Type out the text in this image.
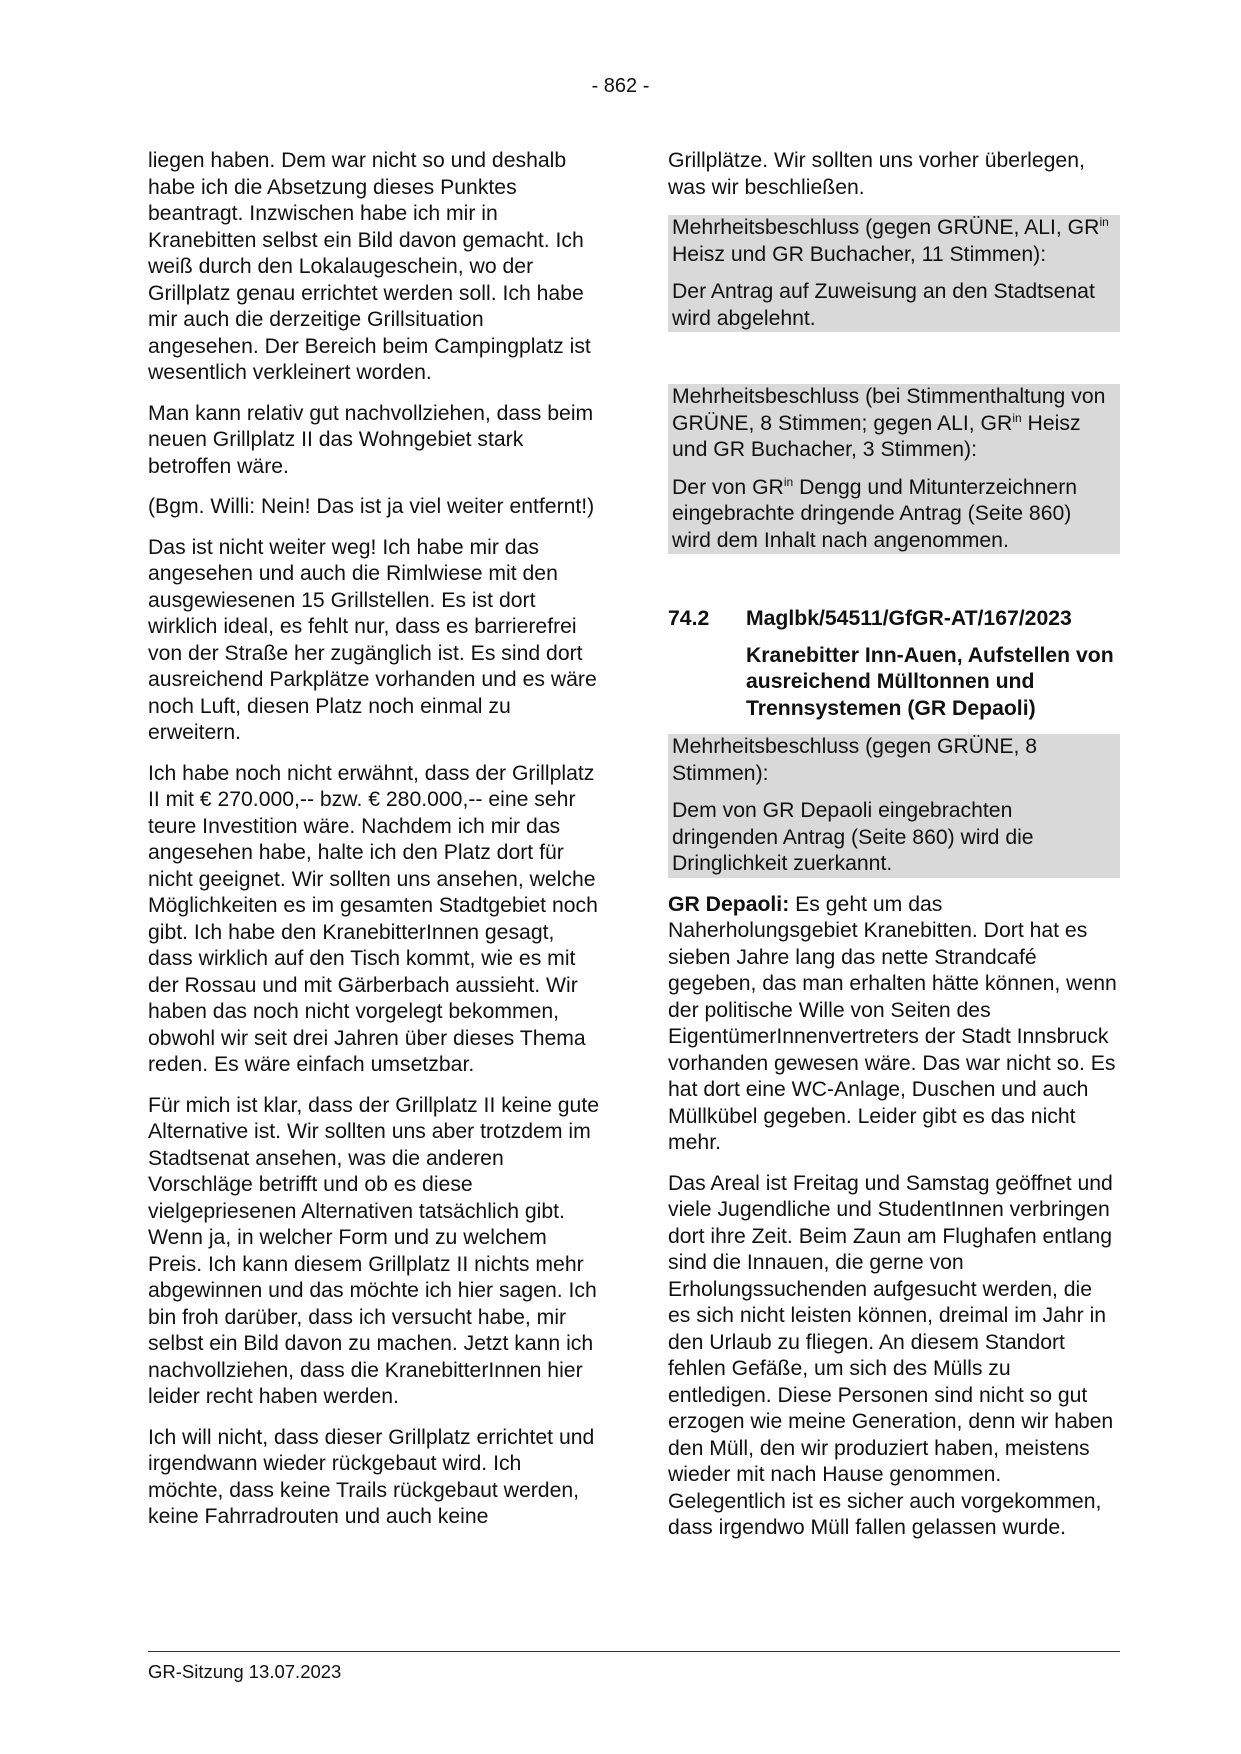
- 862 -

liegen haben. Dem war nicht so und deshalb habe ich die Absetzung dieses Punktes beantragt. Inzwischen habe ich mir in Kranebitten selbst ein Bild davon gemacht. Ich weiß durch den Lokalaugeschein, wo der Grillplatz genau errichtet werden soll. Ich habe mir auch die derzeitige Grillsituation angesehen. Der Bereich beim Campingplatz ist wesentlich verkleinert worden.

Man kann relativ gut nachvollziehen, dass beim neuen Grillplatz II das Wohngebiet stark betroffen wäre.

(Bgm. Willi: Nein! Das ist ja viel weiter entfernt!)

Das ist nicht weiter weg! Ich habe mir das angesehen und auch die Rimlwiese mit den ausgewiesenen 15 Grillstellen. Es ist dort wirklich ideal, es fehlt nur, dass es barrierefrei von der Straße her zugänglich ist. Es sind dort ausreichend Parkplätze vorhanden und es wäre noch Luft, diesen Platz noch einmal zu erweitern.

Ich habe noch nicht erwähnt, dass der Grillplatz II mit € 270.000,-- bzw. € 280.000,-- eine sehr teure Investition wäre. Nachdem ich mir das angesehen habe, halte ich den Platz dort für nicht geeignet. Wir sollten uns ansehen, welche Möglichkeiten es im gesamten Stadtgebiet noch gibt. Ich habe den KranebitterInnen gesagt, dass wirklich auf den Tisch kommt, wie es mit der Rossau und mit Gärberbach aussieht. Wir haben das noch nicht vorgelegt bekommen, obwohl wir seit drei Jahren über dieses Thema reden. Es wäre einfach umsetzbar.

Für mich ist klar, dass der Grillplatz II keine gute Alternative ist. Wir sollten uns aber trotzdem im Stadtsenat ansehen, was die anderen Vorschläge betrifft und ob es diese vielgepriesenen Alternativen tatsächlich gibt. Wenn ja, in welcher Form und zu welchem Preis. Ich kann diesem Grillplatz II nichts mehr abgewinnen und das möchte ich hier sagen. Ich bin froh darüber, dass ich versucht habe, mir selbst ein Bild davon zu machen. Jetzt kann ich nachvollziehen, dass die KranebitterInnen hier leider recht haben werden.

Ich will nicht, dass dieser Grillplatz errichtet und irgendwann wieder rückgebaut wird. Ich möchte, dass keine Trails rückgebaut werden, keine Fahrradrouten und auch keine

Grillplätze. Wir sollten uns vorher überlegen, was wir beschließen.

Mehrheitsbeschluss (gegen GRÜNE, ALI, $GR^{in}$ Heisz und GR Buchacher, 11 Stimmen):

Der Antrag auf Zuweisung an den Stadtsenat wird abgelehnt.

Mehrheitsbeschluss (bei Stimmenthaltung von GRÜNE, 8 Stimmen; gegen ALI, $GR^{in}$ Heisz und GR Buchacher, 3 Stimmen):

Der von $GR^{in}$ Dengg und Mitunterzeichnern eingebrachte dringende Antrag (Seite 860) wird dem Inhalt nach angenommen.

74.2	Maglbk/54511/GfGR-AT/167/2023
Kranebitter Inn-Auen, Aufstellen von ausreichend Mülltonnen und Trennsystemen (GR Depaoli)

Mehrheitsbeschluss (gegen GRÜNE, 8 Stimmen):

Dem von GR Depaoli eingebrachten dringenden Antrag (Seite 860) wird die Dringlichkeit zuerkannt.

GR Depaoli: Es geht um das Naherholungsgebiet Kranebitten. Dort hat es sieben Jahre lang das nette Strandcafé gegeben, das man erhalten hätte können, wenn der politische Wille von Seiten des EigentümerInnenvertreters der Stadt Innsbruck vorhanden gewesen wäre. Das war nicht so. Es hat dort eine WC-Anlage, Duschen und auch Müllkübel gegeben. Leider gibt es das nicht mehr.

Das Areal ist Freitag und Samstag geöffnet und viele Jugendliche und StudentInnen verbringen dort ihre Zeit. Beim Zaun am Flughafen entlang sind die Innauen, die gerne von Erholungssuchenden aufgesucht werden, die es sich nicht leisten können, dreimal im Jahr in den Urlaub zu fliegen. An diesem Standort fehlen Gefäße, um sich des Mülls zu entledigen. Diese Personen sind nicht so gut erzogen wie meine Generation, denn wir haben den Müll, den wir produziert haben, meistens wieder mit nach Hause genommen. Gelegentlich ist es sicher auch vorgekommen, dass irgendwo Müll fallen gelassen wurde.

GR-Sitzung 13.07.2023
